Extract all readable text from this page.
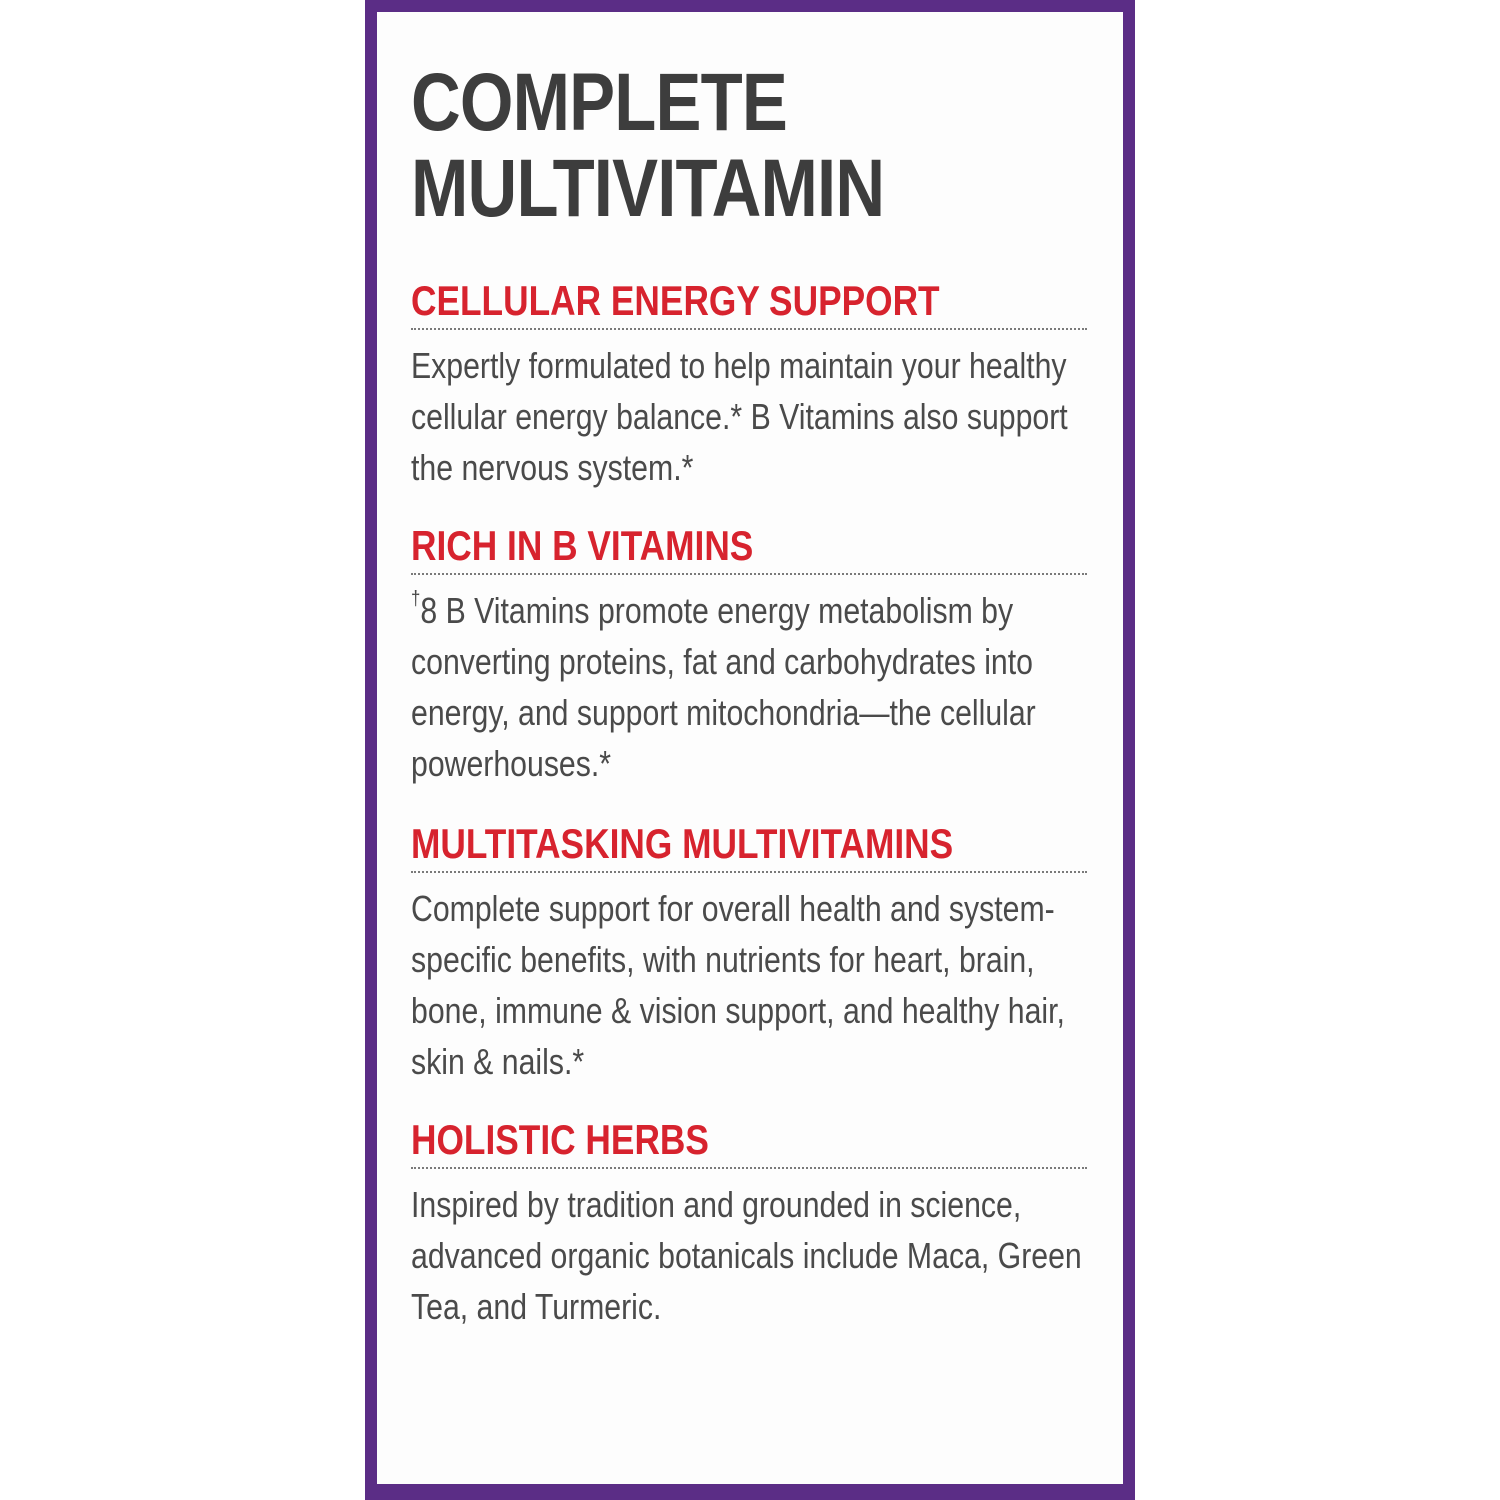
COMPLETE
MULTIVITAMIN
CELLULAR ENERGY SUPPORT

Expertly formulated to help maintain your healthy cellular energy balance.* B Vitamins also support the nervous system.*

RICH IN B VITAMINS

†8 B Vitamins promote energy metabolism by converting proteins, fat and carbohydrates into energy, and support mitochondria—the cellular powerhouses.*

MULTITASKING MULTIVITAMINS

Complete support for overall health and system-specific benefits, with nutrients for heart, brain, bone, immune & vision support, and healthy hair, skin & nails.*

HOLISTIC HERBS

Inspired by tradition and grounded in science, advanced organic botanicals include Maca, Green Tea, and Turmeric.
